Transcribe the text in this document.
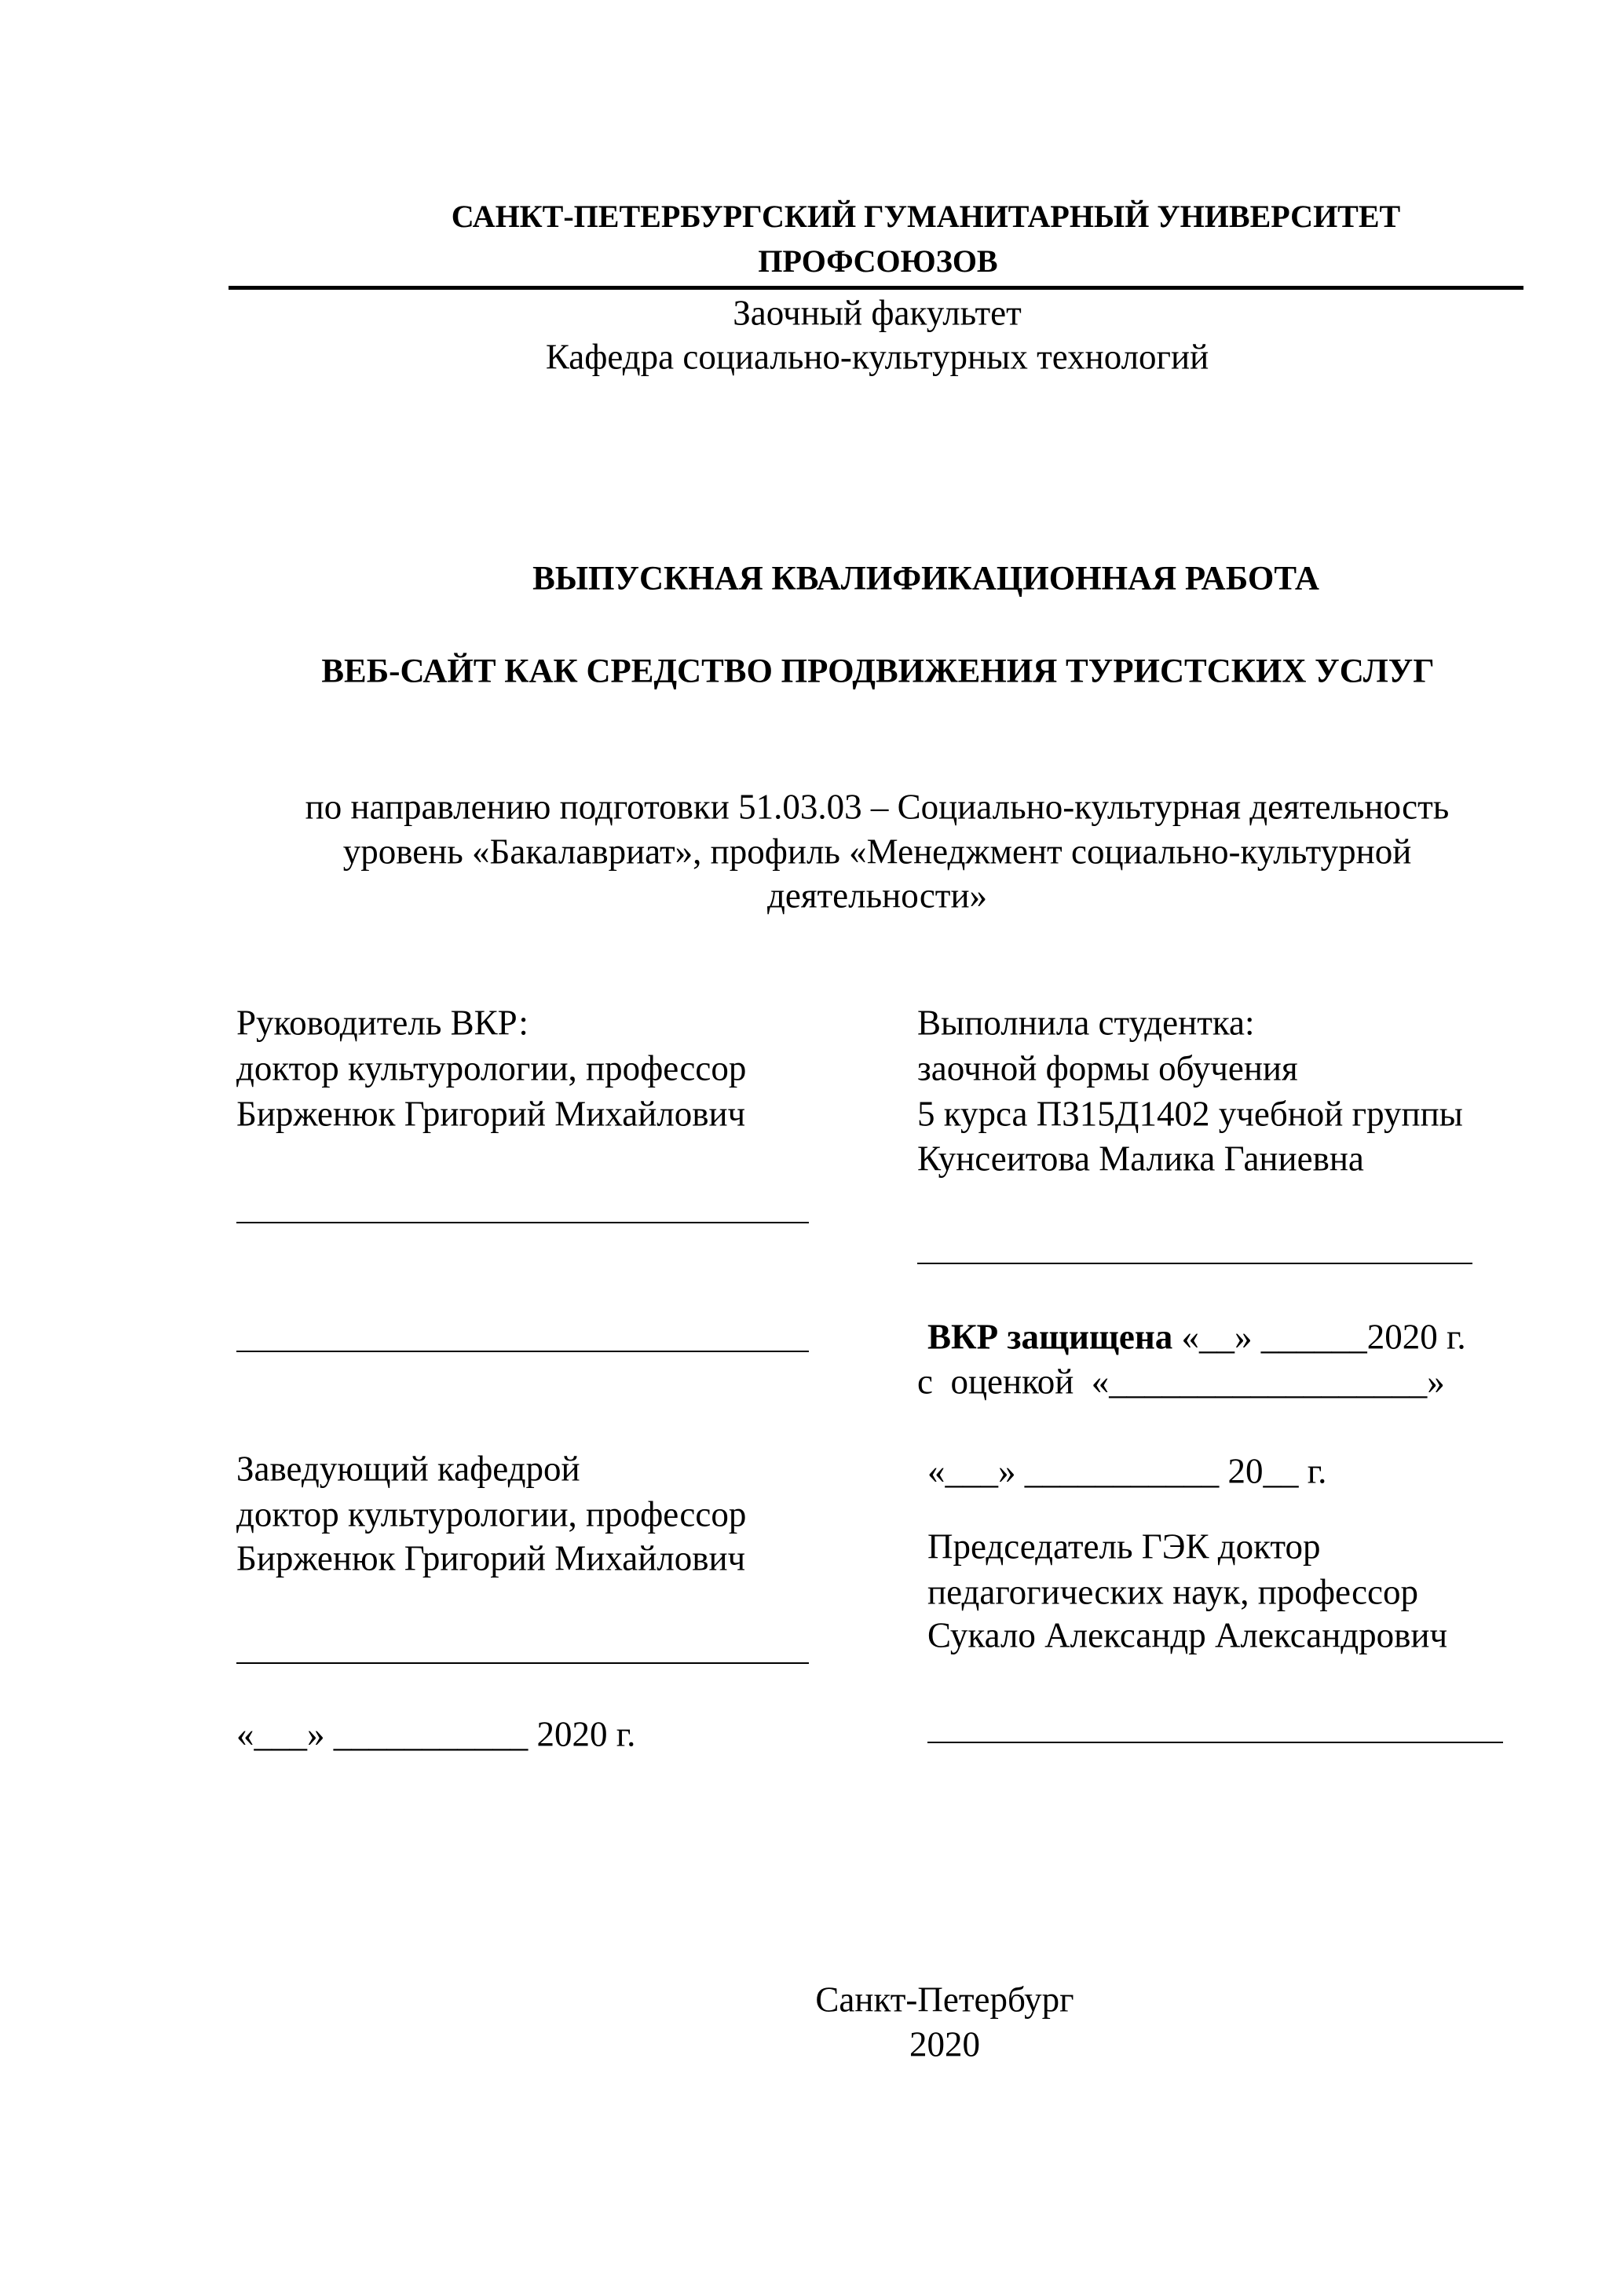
САНКТ-ПЕТЕРБУРГСКИЙ ГУМАНИТАРНЫЙ УНИВЕРСИТЕТ
ПРОФСОЮЗОВ
Заочный факультет
Кафедра социально-культурных технологий
ВЫПУСКНАЯ КВАЛИФИКАЦИОННАЯ РАБОТА
ВЕБ-САЙТ КАК СРЕДСТВО ПРОДВИЖЕНИЯ ТУРИСТСКИХ УСЛУГ
по направлению подготовки 51.03.03 – Социально-культурная деятельность
уровень «Бакалавриат», профиль «Менеджмент социально-культурной
деятельности»
Руководитель ВКР:
доктор культурологии, профессор
Бирженюк Григорий Михайлович
Заведующий кафедрой
доктор культурологии, профессор
Бирженюк Григорий Михайлович
«___» ___________ 2020 г.
Выполнила студентка:
заочной формы обучения
5 курса ПЗ15Д1402 учебной группы
Кунсеитова Малика Ганиевна
ВКР защищена «__» ______2020 г.
с  оценкой  «__________________»
«___» ___________ 20__ г.
Председатель ГЭК доктор
педагогических наук, профессор
Сукало Александр Александрович
Санкт-Петербург
2020
